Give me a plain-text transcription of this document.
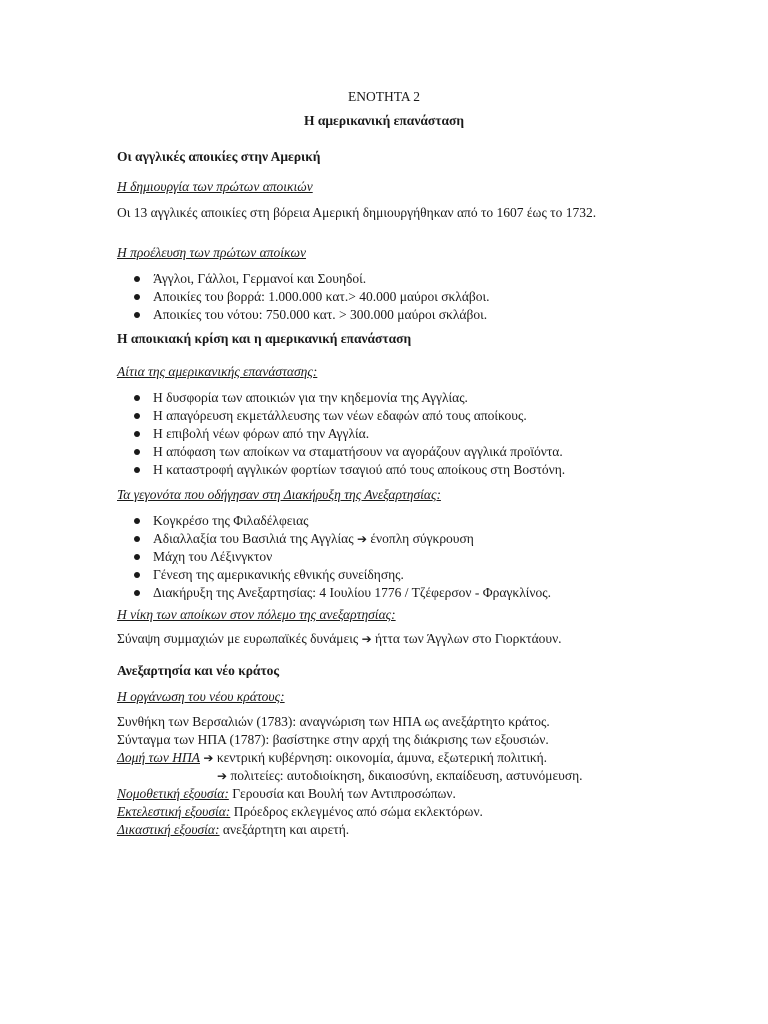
ΕΝΟΤΗΤΑ 2
Η αμερικανική επανάσταση
Οι αγγλικές αποικίες στην Αμερική
Η δημιουργία των πρώτων αποικιών
Οι 13 αγγλικές αποικίες στη βόρεια Αμερική δημιουργήθηκαν από το 1607 έως το 1732.
Η προέλευση των πρώτων αποίκων
Άγγλοι, Γάλλοι, Γερμανοί και Σουηδοί.
Αποικίες του βορρά: 1.000.000 κατ.> 40.000 μαύροι σκλάβοι.
Αποικίες του νότου: 750.000 κατ. > 300.000 μαύροι σκλάβοι.
Η αποικιακή κρίση και η αμερικανική επανάσταση
Αίτια της αμερικανικής επανάστασης:
Η δυσφορία των αποικιών για την κηδεμονία της Αγγλίας.
Η απαγόρευση εκμετάλλευσης των νέων εδαφών από τους αποίκους.
Η επιβολή νέων φόρων από την Αγγλία.
Η απόφαση των αποίκων να σταματήσουν να αγοράζουν αγγλικά προϊόντα.
Η καταστροφή αγγλικών φορτίων τσαγιού από τους αποίκους στη Βοστόνη.
Τα γεγονότα που οδήγησαν στη Διακήρυξη της Ανεξαρτησίας:
Κογκρέσο της Φιλαδέλφειας
Αδιαλλαξία του Βασιλιά της Αγγλίας ➔ ένοπλη σύγκρουση
Μάχη του Λέξινγκτον
Γένεση της αμερικανικής εθνικής συνείδησης.
Διακήρυξη της Ανεξαρτησίας: 4 Ιουλίου 1776 / Τζέφερσον - Φραγκλίνος.
Η νίκη των αποίκων στον πόλεμο της ανεξαρτησίας:
Σύναψη συμμαχιών με ευρωπαϊκές δυνάμεις ➔ ήττα των Άγγλων στο Γιορκτάουν.
Ανεξαρτησία και νέο κράτος
Η οργάνωση του νέου κράτους:
Συνθήκη των Βερσαλιών (1783): αναγνώριση των ΗΠΑ ως ανεξάρτητο κράτος.
Σύνταγμα των ΗΠΑ (1787): βασίστηκε στην αρχή της διάκρισης των εξουσιών.
Δομή των ΗΠΑ ➔ κεντρική κυβέρνηση: οικονομία, άμυνα, εξωτερική πολιτική.
➔ πολιτείες: αυτοδιοίκηση, δικαιοσύνη, εκπαίδευση, αστυνόμευση.
Νομοθετική εξουσία: Γερουσία και Βουλή των Αντιπροσώπων.
Εκτελεστική εξουσία: Πρόεδρος εκλεγμένος από σώμα εκλεκτόρων.
Δικαστική εξουσία: ανεξάρτητη και αιρετή.
